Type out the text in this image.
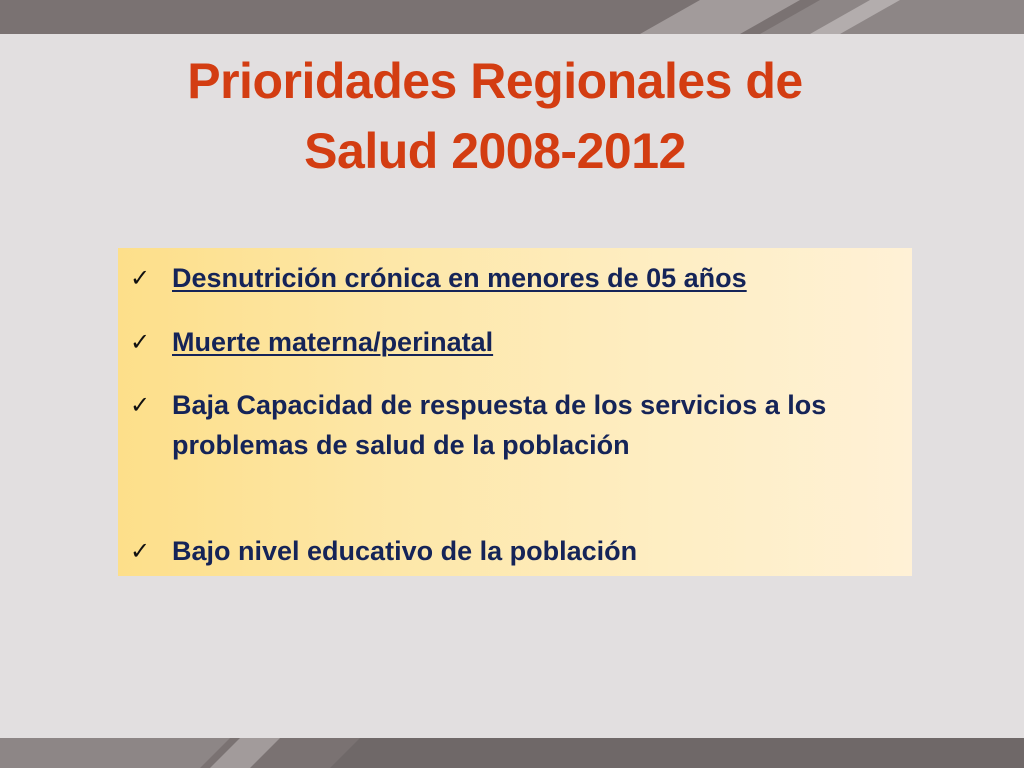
Prioridades Regionales de
Salud 2008-2012
✓ Desnutrición crónica en menores de 05 años
✓ Muerte materna/perinatal
✓ Baja Capacidad de respuesta de los servicios a los problemas de salud de la población
✓ Bajo nivel educativo de la población
